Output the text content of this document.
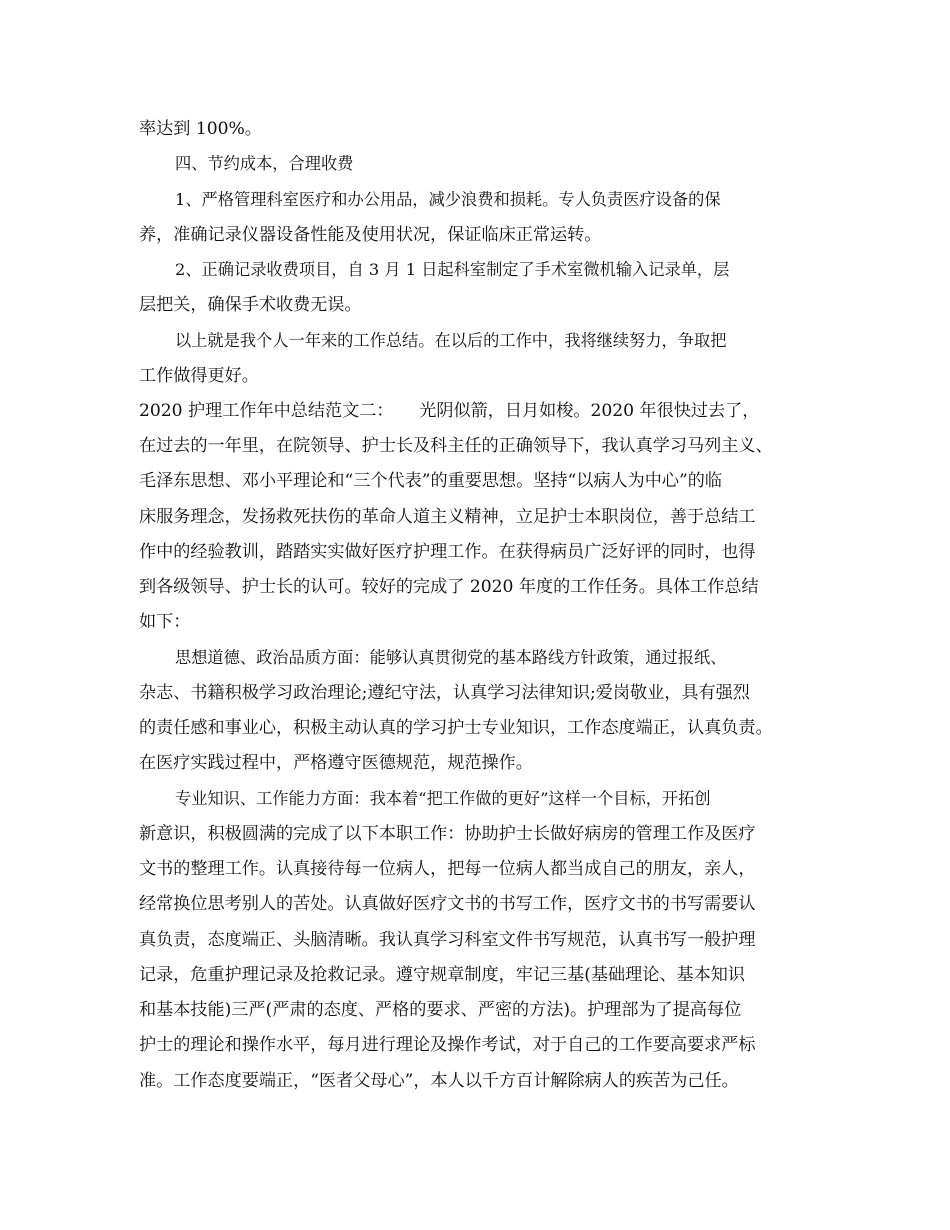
率达到 100%。
四、节约成本，合理收费
1、严格管理科室医疗和办公用品，减少浪费和损耗。专人负责医疗设备的保
养，准确记录仪器设备性能及使用状况，保证临床正常运转。
2、正确记录收费项目，自 3 月 1 日起科室制定了手术室微机输入记录单，层
层把关，确保手术收费无误。
以上就是我个人一年来的工作总结。在以后的工作中，我将继续努力，争取把
工作做得更好。
2020 护理工作年中总结范文二：　　光阴似箭，日月如梭。2020 年很快过去了，
在过去的一年里，在院领导、护士长及科主任的正确领导下，我认真学习马列主义、
毛泽东思想、邓小平理论和“三个代表”的重要思想。坚持“以病人为中心”的临
床服务理念，发扬救死扶伤的革命人道主义精神，立足护士本职岗位，善于总结工
作中的经验教训，踏踏实实做好医疗护理工作。在获得病员广泛好评的同时，也得
到各级领导、护士长的认可。较好的完成了 2020 年度的工作任务。具体工作总结
如下：
思想道德、政治品质方面：能够认真贯彻党的基本路线方针政策，通过报纸、
杂志、书籍积极学习政治理论;遵纪守法，认真学习法律知识;爱岗敬业，具有强烈
的责任感和事业心，积极主动认真的学习护士专业知识，工作态度端正，认真负责。
在医疗实践过程中，严格遵守医德规范，规范操作。
专业知识、工作能力方面：我本着“把工作做的更好”这样一个目标，开拓创
新意识，积极圆满的完成了以下本职工作：协助护士长做好病房的管理工作及医疗
文书的整理工作。认真接待每一位病人，把每一位病人都当成自己的朋友，亲人，
经常换位思考别人的苦处。认真做好医疗文书的书写工作，医疗文书的书写需要认
真负责，态度端正、头脑清晰。我认真学习科室文件书写规范，认真书写一般护理
记录，危重护理记录及抢救记录。遵守规章制度，牢记三基(基础理论、基本知识
和基本技能)三严(严肃的态度、严格的要求、严密的方法)。护理部为了提高每位
护士的理论和操作水平，每月进行理论及操作考试，对于自己的工作要高要求严标
准。工作态度要端正，“医者父母心”，本人以千方百计解除病人的疾苦为己任。
